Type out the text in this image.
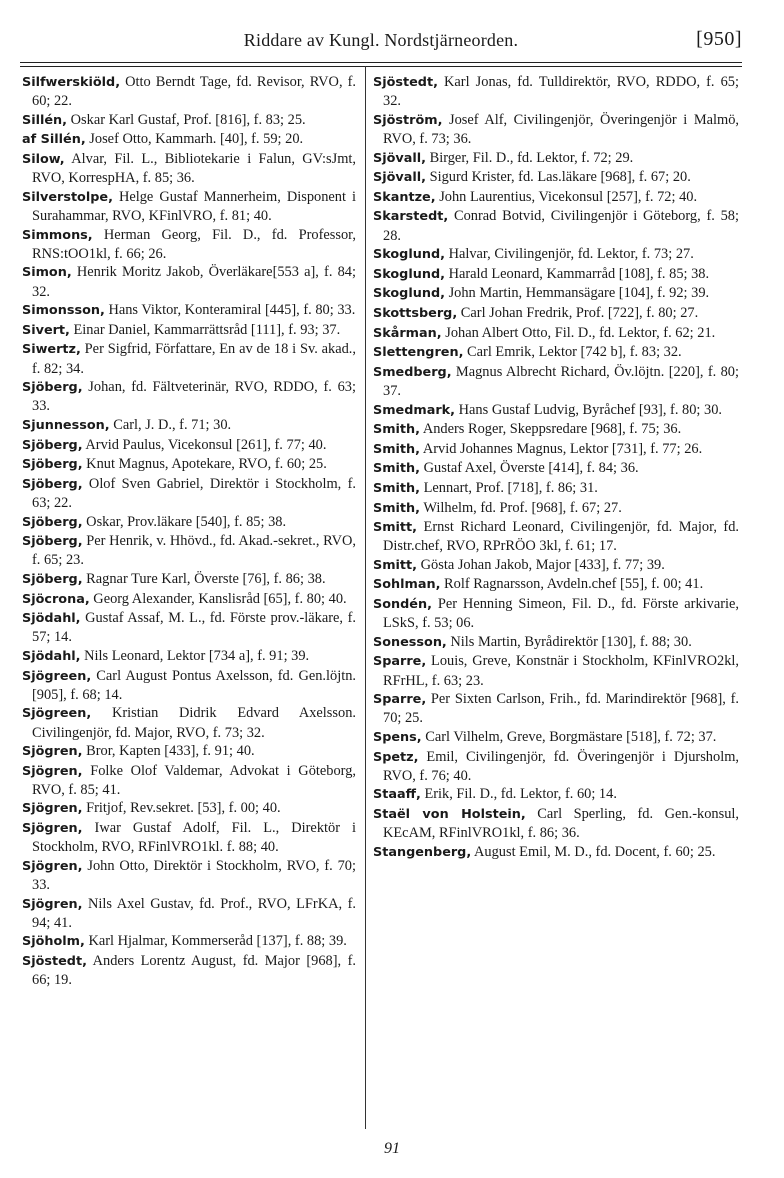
Riddare av Kungl. Nordstjärneorden.	[950]

Silfwerskiöld, Otto Berndt Tage, fd. Revisor, RVO, f. 60; 22.

Sillén, Oskar Karl Gustaf, Prof. [816], f. 83; 25.

af Sillén, Josef Otto, Kammarh. [40], f. 59; 20.

Silow, Alvar, Fil. L., Bibliotekarie i Falun, GV:sJmt, RVO, KorrespHA, f. 85; 36.

Silverstolpe, Helge Gustaf Mannerheim, Disponent i Surahammar, RVO, KFinlVRO, f. 81; 40.

Simmons, Herman Georg, Fil. D., fd. Professor, RNS:tOO1kl, f. 66; 26.

Simon, Henrik Moritz Jakob, Överläkare[553 a], f. 84; 32.

Simonsson, Hans Viktor, Konteramiral [445], f. 80; 33.

Sivert, Einar Daniel, Kammarrättsråd [111], f. 93; 37.

Siwertz, Per Sigfrid, Författare, En av de 18 i Sv. akad., f. 82; 34.

Sjöberg, Johan, fd. Fältveterinär, RVO, RDDO, f. 63; 33.

Sjunnesson, Carl, J. D., f. 71; 30.

Sjöberg, Arvid Paulus, Vicekonsul [261], f. 77; 40.

Sjöberg, Knut Magnus, Apotekare, RVO, f. 60; 25.

Sjöberg, Olof Sven Gabriel, Direktör i Stockholm, f. 63; 22.

Sjöberg, Oskar, Prov.läkare [540], f. 85; 38.

Sjöberg, Per Henrik, v. Hhövd., fd. Akad.-sekret., RVO, f. 65; 23.

Sjöberg, Ragnar Ture Karl, Överste [76], f. 86; 38.

Sjöcrona, Georg Alexander, Kanslisråd [65], f. 80; 40.

Sjödahl, Gustaf Assaf, M. L., fd. Förste prov.-läkare, f. 57; 14.

Sjödahl, Nils Leonard, Lektor [734 a], f. 91; 39.

Sjögreen, Carl August Pontus Axelsson, fd. Gen.löjtn. [905], f. 68; 14.

Sjögreen, Kristian Didrik Edvard Axelsson. Civilingenjör, fd. Major, RVO, f. 73; 32.

Sjögren, Bror, Kapten [433], f. 91; 40.

Sjögren, Folke Olof Valdemar, Advokat i Göteborg, RVO, f. 85; 41.

Sjögren, Fritjof, Rev.sekret. [53], f. 00; 40.

Sjögren, Iwar Gustaf Adolf, Fil. L., Direktör i Stockholm, RVO, RFinlVRO1kl. f. 88; 40.

Sjögren, John Otto, Direktör i Stockholm, RVO, f. 70; 33.

Sjögren, Nils Axel Gustav, fd. Prof., RVO, LFrKA, f. 94; 41.

Sjöholm, Karl Hjalmar, Kommerseråd [137], f. 88; 39.

Sjöstedt, Anders Lorentz August, fd. Major [968], f. 66; 19.

Sjöstedt, Karl Jonas, fd. Tulldirektör, RVO, RDDO, f. 65; 32.

Sjöström, Josef Alf, Civilingenjör, Överingenjör i Malmö, RVO, f. 73; 36.

Sjövall, Birger, Fil. D., fd. Lektor, f. 72; 29.

Sjövall, Sigurd Krister, fd. Las.läkare [968], f. 67; 20.

Skantze, John Laurentius, Vicekonsul [257], f. 72; 40.

Skarstedt, Conrad Botvid, Civilingenjör i Göteborg, f. 58; 28.

Skoglund, Halvar, Civilingenjör, fd. Lektor, f. 73; 27.

Skoglund, Harald Leonard, Kammarråd [108], f. 85; 38.

Skoglund, John Martin, Hemmansägare [104], f. 92; 39.

Skottsberg, Carl Johan Fredrik, Prof. [722], f. 80; 27.

Skårman, Johan Albert Otto, Fil. D., fd. Lektor, f. 62; 21.

Slettengren, Carl Emrik, Lektor [742 b], f. 83; 32.

Smedberg, Magnus Albrecht Richard, Öv.löjtn. [220], f. 80; 37.

Smedmark, Hans Gustaf Ludvig, Byråchef [93], f. 80; 30.

Smith, Anders Roger, Skeppsredare [968], f. 75; 36.

Smith, Arvid Johannes Magnus, Lektor [731], f. 77; 26.

Smith, Gustaf Axel, Överste [414], f. 84; 36.

Smith, Lennart, Prof. [718], f. 86; 31.

Smith, Wilhelm, fd. Prof. [968], f. 67; 27.

Smitt, Ernst Richard Leonard, Civilingenjör, fd. Major, fd. Distr.chef, RVO, RPrRÖO 3kl, f. 61; 17.

Smitt, Gösta Johan Jakob, Major [433], f. 77; 39.

Sohlman, Rolf Ragnarsson, Avdeln.chef [55], f. 00; 41.

Sondén, Per Henning Simeon, Fil. D., fd. Förste arkivarie, LSkS, f. 53; 06.

Sonesson, Nils Martin, Byrådirektör [130], f. 88; 30.

Sparre, Louis, Greve, Konstnär i Stockholm, KFinlVRO2kl, RFrHL, f. 63; 23.

Sparre, Per Sixten Carlson, Frih., fd. Marindirektör [968], f. 70; 25.

Spens, Carl Vilhelm, Greve, Borgmästare [518], f. 72; 37.

Spetz, Emil, Civilingenjör, fd. Överingenjör i Djursholm, RVO, f. 76; 40.

Staaff, Erik, Fil. D., fd. Lektor, f. 60; 14.

Staël von Holstein, Carl Sperling, fd. Gen.-konsul, KEcAM, RFinlVRO1kl, f. 86; 36.

Stangenberg, August Emil, M. D., fd. Docent, f. 60; 25.

91
